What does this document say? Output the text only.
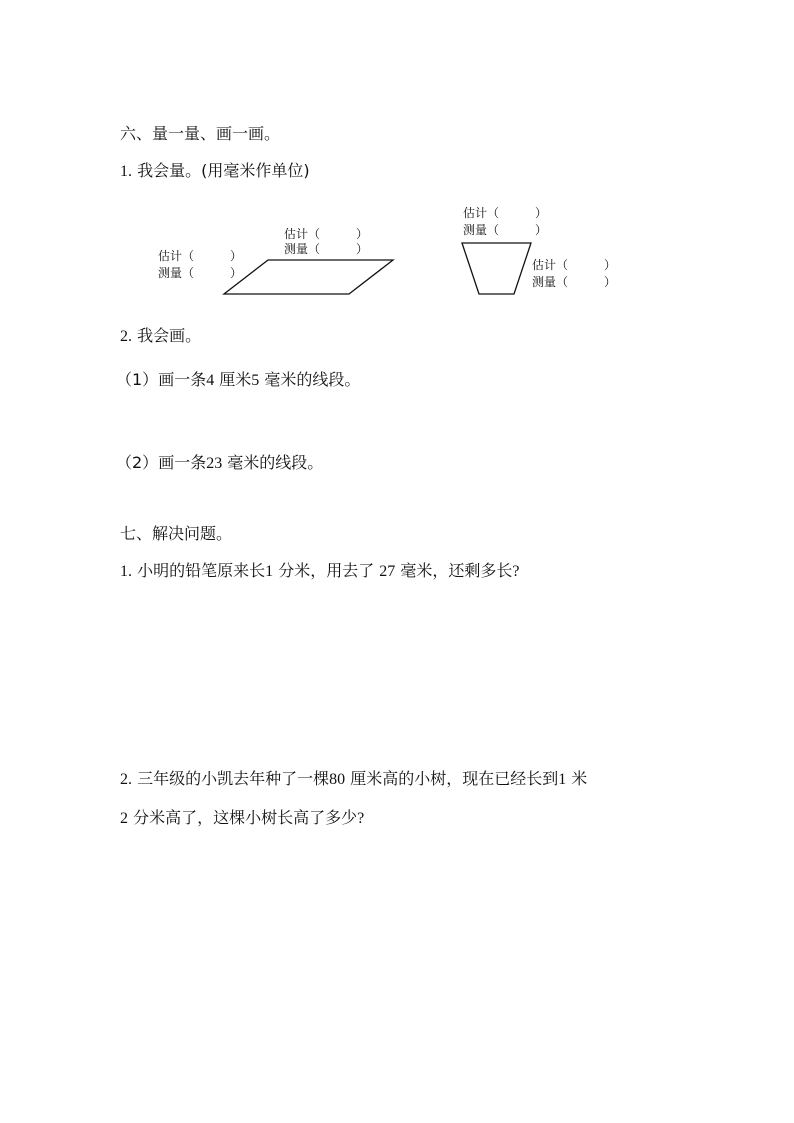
六、量一量、画一画。
1. 我会量。(用毫米作单位)
估计（　　　）
测量（　　　）
估计（　　　）
测量（　　　）
估计（　　　）
测量（　　　）
估计（　　　）
测量（　　　）
2. 我会画。
（1）画一条4 厘米5 毫米的线段。
（2）画一条23 毫米的线段。
七、解决问题。
1. 小明的铅笔原来长1 分米，用去了 27 毫米，还剩多长?
2. 三年级的小凯去年种了一棵80 厘米高的小树，现在已经长到1 米
2 分米高了，这棵小树长高了多少?
